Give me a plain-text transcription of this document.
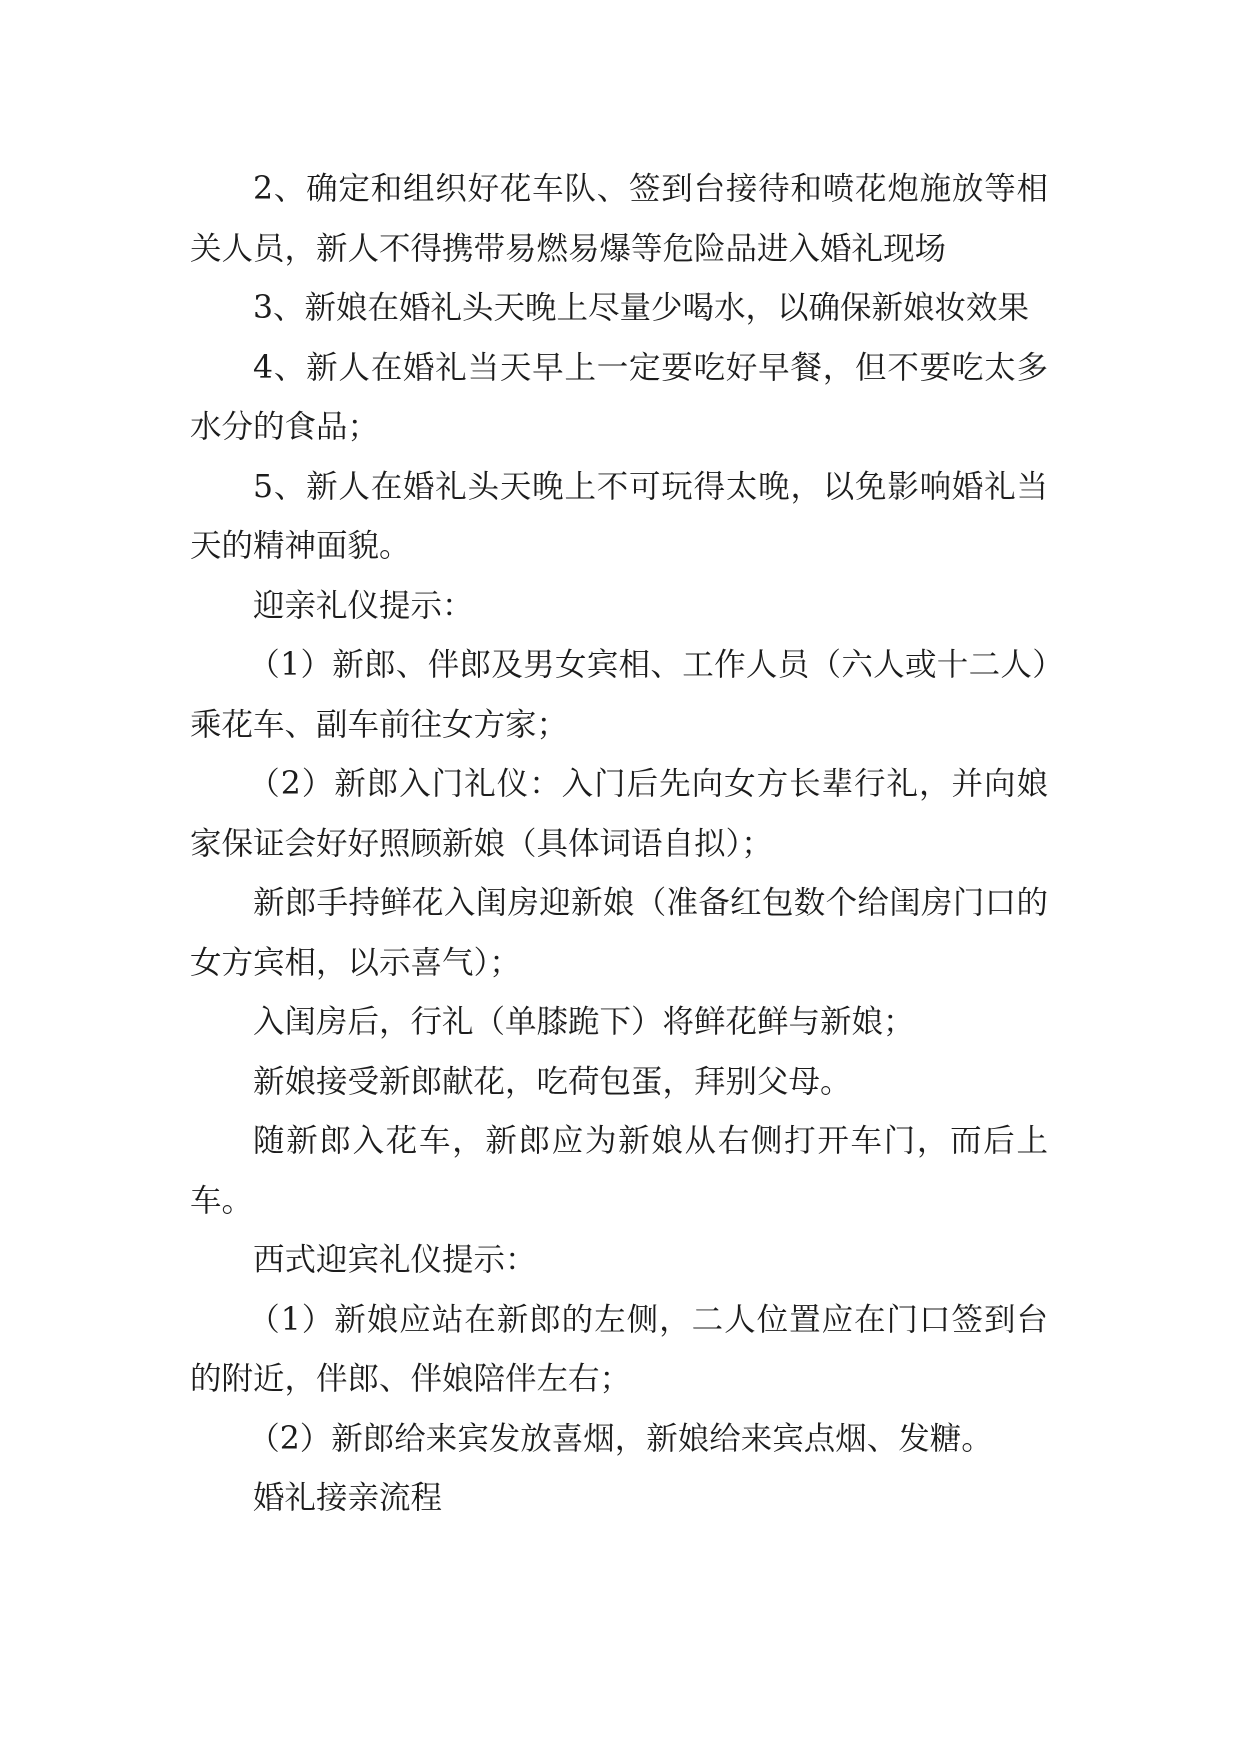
2、确定和组织好花车队、签到台接待和喷花炮施放等相关人员，新人不得携带易燃易爆等危险品进入婚礼现场

3、新娘在婚礼头天晚上尽量少喝水，以确保新娘妆效果

4、新人在婚礼当天早上一定要吃好早餐，但不要吃太多水分的食品；

5、新人在婚礼头天晚上不可玩得太晚，以免影响婚礼当天的精神面貌。

迎亲礼仪提示：

（1）新郎、伴郎及男女宾相、工作人员（六人或十二人）乘花车、副车前往女方家；

（2）新郎入门礼仪：入门后先向女方长辈行礼，并向娘家保证会好好照顾新娘（具体词语自拟）；

新郎手持鲜花入闺房迎新娘（准备红包数个给闺房门口的女方宾相，以示喜气）；

入闺房后，行礼（单膝跪下）将鲜花鲜与新娘；

新娘接受新郎献花，吃荷包蛋，拜别父母。

随新郎入花车，新郎应为新娘从右侧打开车门，而后上车。

西式迎宾礼仪提示：

（1）新娘应站在新郎的左侧，二人位置应在门口签到台的附近，伴郎、伴娘陪伴左右；

（2）新郎给来宾发放喜烟，新娘给来宾点烟、发糖。

婚礼接亲流程
